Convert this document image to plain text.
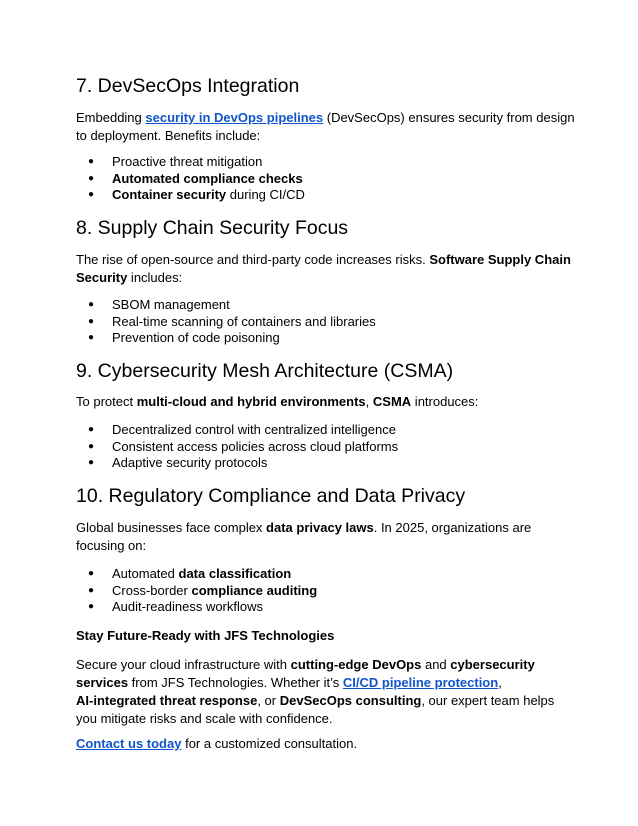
7. DevSecOps Integration

Embedding security in DevOps pipelines (DevSecOps) ensures security from design to deployment. Benefits include:

● Proactive threat mitigation
● Automated compliance checks
● Container security during CI/CD
8. Supply Chain Security Focus

The rise of open-source and third-party code increases risks. Software Supply Chain Security includes:

● SBOM management
● Real-time scanning of containers and libraries
● Prevention of code poisoning
9. Cybersecurity Mesh Architecture (CSMA)

To protect multi-cloud and hybrid environments, CSMA introduces:

● Decentralized control with centralized intelligence
● Consistent access policies across cloud platforms
● Adaptive security protocols
10. Regulatory Compliance and Data Privacy

Global businesses face complex data privacy laws. In 2025, organizations are focusing on:

● Automated data classification
● Cross-border compliance auditing
● Audit-readiness workflows

Stay Future-Ready with JFS Technologies

Secure your cloud infrastructure with cutting-edge DevOps and cybersecurity services from JFS Technologies. Whether it’s CI/CD pipeline protection,
AI-integrated threat response, or DevSecOps consulting, our expert team helps you mitigate risks and scale with confidence.

Contact us today for a customized consultation.
